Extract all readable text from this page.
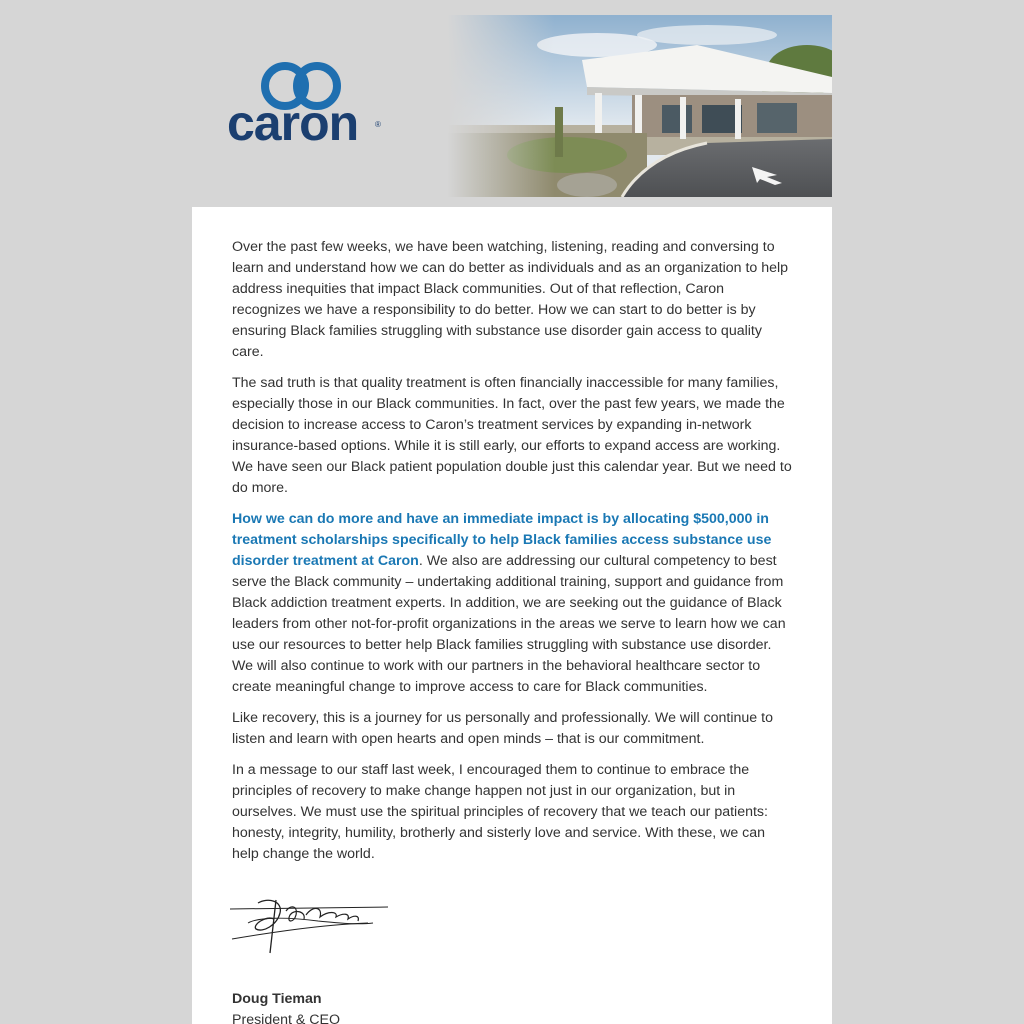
caron ®

Over the past few weeks, we have been watching, listening, reading and conversing to learn and understand how we can do better as individuals and as an organization to help address inequities that impact Black communities. Out of that reflection, Caron recognizes we have a responsibility to do better. How we can start to do better is by ensuring Black families struggling with substance use disorder gain access to quality care.

The sad truth is that quality treatment is often financially inaccessible for many families, especially those in our Black communities. In fact, over the past few years, we made the decision to increase access to Caron’s treatment services by expanding in-network insurance-based options. While it is still early, our efforts to expand access are working. We have seen our Black patient population double just this calendar year. But we need to do more.

How we can do more and have an immediate impact is by allocating $500,000 in treatment scholarships specifically to help Black families access substance use disorder treatment at Caron. We also are addressing our cultural competency to best serve the Black community – undertaking additional training, support and guidance from Black addiction treatment experts. In addition, we are seeking out the guidance of Black leaders from other not-for-profit organizations in the areas we serve to learn how we can use our resources to better help Black families struggling with substance use disorder. We will also continue to work with our partners in the behavioral healthcare sector to create meaningful change to improve access to care for Black communities.

Like recovery, this is a journey for us personally and professionally. We will continue to listen and learn with open hearts and open minds – that is our commitment.

In a message to our staff last week, I encouraged them to continue to embrace the principles of recovery to make change happen not just in our organization, but in ourselves. We must use the spiritual principles of recovery that we teach our patients: honesty, integrity, humility, brotherly and sisterly love and service. With these, we can help change the world.

Doug Tieman
President & CEO
